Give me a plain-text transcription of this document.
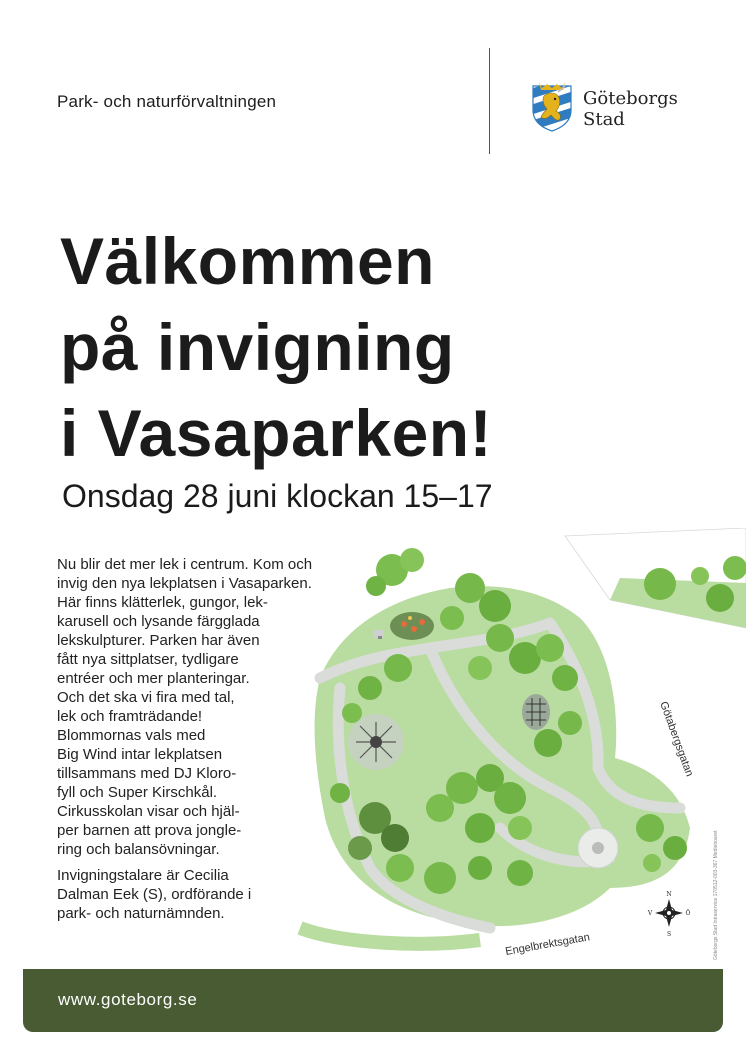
Park- och naturförvaltningen	Göteborgs
Stad
Välkommen
på invigning
i Vasaparken!
Onsdag 28 juni klockan 15–17

Nu blir det mer lek i centrum. Kom och
invig den nya lekplatsen i Vasaparken.
Här finns klätterlek, gungor, lek-
karusell och lysande färgglada
lekskulpturer. Parken har även
fått nya sittplatser, tydligare
entréer och mer planteringar.
Och det ska vi fira med tal,
lek och framträdande!
Blommornas vals med
Big Wind intar lekplatsen
tillsammans med DJ Kloro-
fyll och Super Kirschkål.
Cirkusskolan visar och hjäl-
per barnen att prova jongle-
ring och balansövningar.

Invigningstalare är Cecilia
Dalman Eek (S), ordförande i
park- och naturnämnden.

Götabergsgatan
Engelbrektsgatan
N
S
V	Ö	Göteborgs Stad Intraservice 170512-003-367 Medieboaret
www.goteborg.se
